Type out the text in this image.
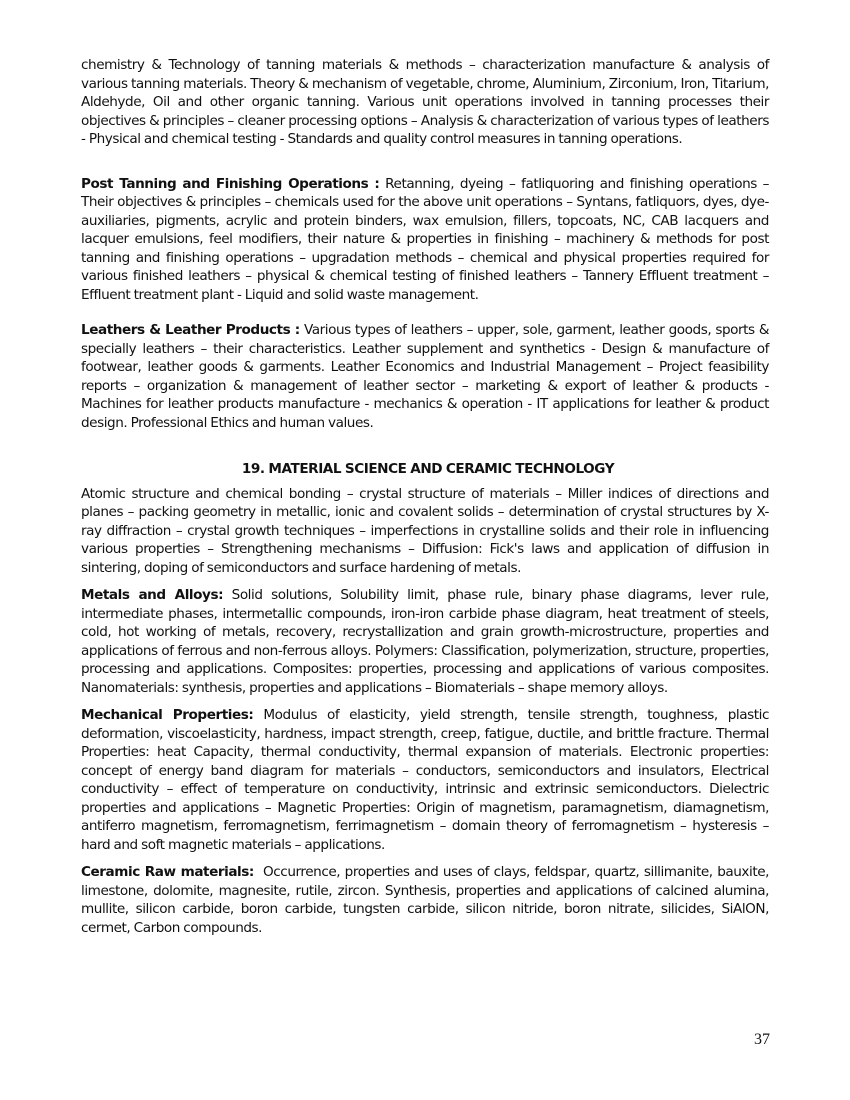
chemistry & Technology of tanning materials & methods – characterization manufacture & analysis of various tanning materials. Theory & mechanism of vegetable, chrome, Aluminium, Zirconium, Iron, Titarium, Aldehyde, Oil and other organic tanning. Various unit operations involved in tanning processes their objectives & principles – cleaner processing options – Analysis & characterization of various types of leathers - Physical and chemical testing - Standards and quality control measures in tanning operations.

Post Tanning and Finishing Operations : Retanning, dyeing – fatliquoring and finishing operations – Their objectives & principles – chemicals used for the above unit operations – Syntans, fatliquors, dyes, dye-auxiliaries, pigments, acrylic and protein binders, wax emulsion, fillers, topcoats, NC, CAB lacquers and lacquer emulsions, feel modifiers, their nature & properties in finishing – machinery & methods for post tanning and finishing operations – upgradation methods – chemical and physical properties required for various finished leathers – physical & chemical testing of finished leathers – Tannery Effluent treatment –Effluent treatment plant - Liquid and solid waste management.

Leathers & Leather Products : Various types of leathers – upper, sole, garment, leather goods, sports & specially leathers – their characteristics. Leather supplement and synthetics - Design & manufacture of footwear, leather goods & garments. Leather Economics and Industrial Management – Project feasibility reports – organization & management of leather sector – marketing & export of leather & products - Machines for leather products manufacture - mechanics & operation - IT applications for leather & product design. Professional Ethics and human values.

19. MATERIAL SCIENCE AND CERAMIC TECHNOLOGY

Atomic structure and chemical bonding – crystal structure of materials – Miller indices of directions and planes – packing geometry in metallic, ionic and covalent solids – determination of crystal structures by X-ray diffraction – crystal growth techniques – imperfections in crystalline solids and their role in influencing various properties – Strengthening mechanisms – Diffusion: Fick's laws and application of diffusion in sintering, doping of semiconductors and surface hardening of metals.

Metals and Alloys: Solid solutions, Solubility limit, phase rule, binary phase diagrams, lever rule, intermediate phases, intermetallic compounds, iron-iron carbide phase diagram, heat treatment of steels, cold, hot working of metals, recovery, recrystallization and grain growth-microstructure, properties and applications of ferrous and non-ferrous alloys. Polymers: Classification, polymerization, structure, properties, processing and applications. Composites: properties, processing and applications of various composites. Nanomaterials: synthesis, properties and applications – Biomaterials – shape memory alloys.

Mechanical Properties: Modulus of elasticity, yield strength, tensile strength, toughness, plastic deformation, viscoelasticity, hardness, impact strength, creep, fatigue, ductile, and brittle fracture. Thermal Properties: heat Capacity, thermal conductivity, thermal expansion of materials. Electronic properties: concept of energy band diagram for materials – conductors, semiconductors and insulators, Electrical conductivity – effect of temperature on conductivity, intrinsic and extrinsic semiconductors. Dielectric properties and applications – Magnetic Properties: Origin of magnetism, paramagnetism, diamagnetism, antiferro magnetism, ferromagnetism, ferrimagnetism – domain theory of ferromagnetism – hysteresis – hard and soft magnetic materials – applications.

Ceramic Raw materials: Occurrence, properties and uses of clays, feldspar, quartz, sillimanite, bauxite, limestone, dolomite, magnesite, rutile, zircon. Synthesis, properties and applications of calcined alumina, mullite, silicon carbide, boron carbide, tungsten carbide, silicon nitride, boron nitrate, silicides, SiAlON, cermet, Carbon compounds.

37
